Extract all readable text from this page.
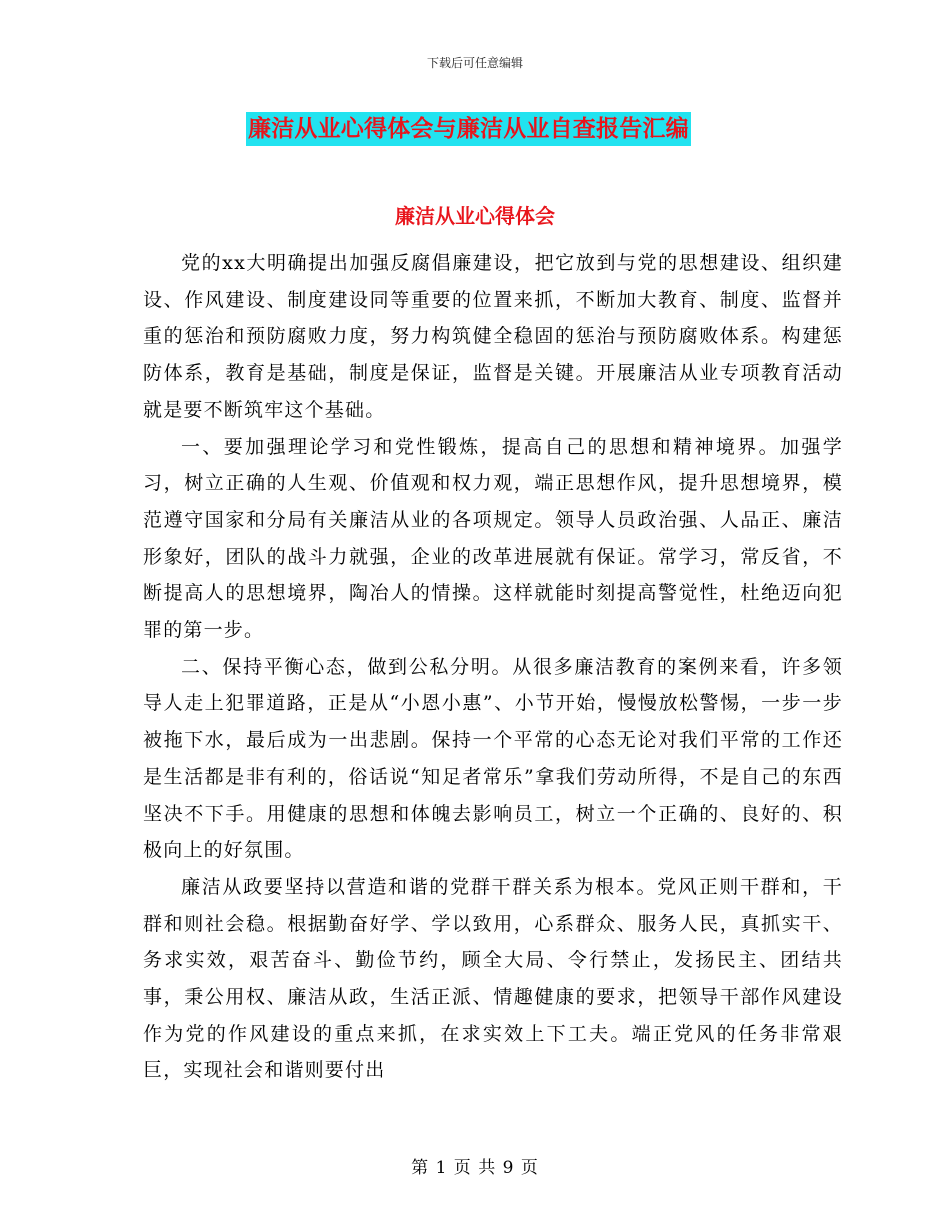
下载后可任意编辑
廉洁从业心得体会与廉洁从业自查报告汇编
廉洁从业心得体会

党的xx大明确提出加强反腐倡廉建设，把它放到与党的思想建设、组织建设、作风建设、制度建设同等重要的位置来抓，不断加大教育、制度、监督并重的惩治和预防腐败力度，努力构筑健全稳固的惩治与预防腐败体系。构建惩防体系，教育是基础，制度是保证，监督是关键。开展廉洁从业专项教育活动就是要不断筑牢这个基础。

一、要加强理论学习和党性锻炼，提高自己的思想和精神境界。加强学习，树立正确的人生观、价值观和权力观，端正思想作风，提升思想境界，模范遵守国家和分局有关廉洁从业的各项规定。领导人员政治强、人品正、廉洁形象好，团队的战斗力就强，企业的改革进展就有保证。常学习，常反省，不断提高人的思想境界，陶冶人的情操。这样就能时刻提高警觉性，杜绝迈向犯罪的第一步。

二、保持平衡心态，做到公私分明。从很多廉洁教育的案例来看，许多领导人走上犯罪道路，正是从“小恩小惠”、小节开始，慢慢放松警惕，一步一步被拖下水，最后成为一出悲剧。保持一个平常的心态无论对我们平常的工作还是生活都是非有利的，俗话说“知足者常乐”拿我们劳动所得，不是自己的东西坚决不下手。用健康的思想和体魄去影响员工，树立一个正确的、良好的、积极向上的好氛围。

廉洁从政要坚持以营造和谐的党群干群关系为根本。党风正则干群和，干群和则社会稳。根据勤奋好学、学以致用，心系群众、服务人民，真抓实干、务求实效，艰苦奋斗、勤俭节约，顾全大局、令行禁止，发扬民主、团结共事，秉公用权、廉洁从政，生活正派、情趣健康的要求，把领导干部作风建设作为党的作风建设的重点来抓，在求实效上下工夫。端正党风的任务非常艰巨，实现社会和谐则要付出

第 1 页 共 9 页
